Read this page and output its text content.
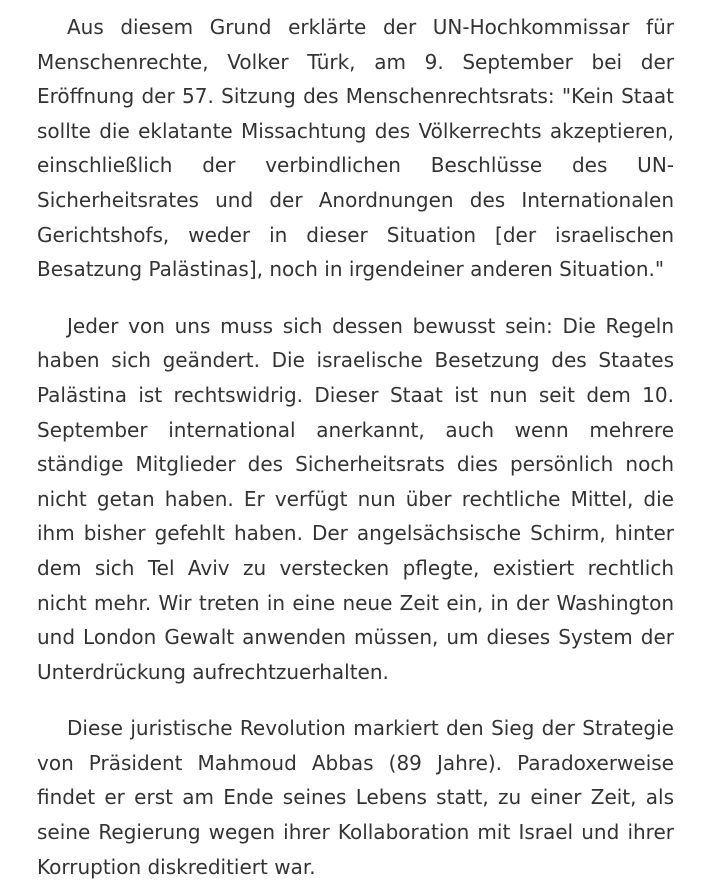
Aus diesem Grund erklärte der UN-Hochkommissar für Menschenrechte, Volker Türk, am 9. September bei der Eröffnung der 57. Sitzung des Menschenrechtsrats: "Kein Staat sollte die eklatante Missachtung des Völkerrechts akzeptieren, einschließlich der verbindlichen Beschlüsse des UN-Sicherheitsrates und der Anordnungen des Internationalen Gerichtshofs, weder in dieser Situation [der israelischen Besatzung Palästinas], noch in irgendeiner anderen Situation."

Jeder von uns muss sich dessen bewusst sein: Die Regeln haben sich geändert. Die israelische Besetzung des Staates Palästina ist rechtswidrig. Dieser Staat ist nun seit dem 10. September international anerkannt, auch wenn mehrere ständige Mitglieder des Sicherheitsrats dies persönlich noch nicht getan haben. Er verfügt nun über rechtliche Mittel, die ihm bisher gefehlt haben. Der angelsächsische Schirm, hinter dem sich Tel Aviv zu verstecken pflegte, existiert rechtlich nicht mehr. Wir treten in eine neue Zeit ein, in der Washington und London Gewalt anwenden müssen, um dieses System der Unterdrückung aufrechtzuerhalten.

Diese juristische Revolution markiert den Sieg der Strategie von Präsident Mahmoud Abbas (89 Jahre). Paradoxerweise findet er erst am Ende seines Lebens statt, zu einer Zeit, als seine Regierung wegen ihrer Kollaboration mit Israel und ihrer Korruption diskreditiert war.
